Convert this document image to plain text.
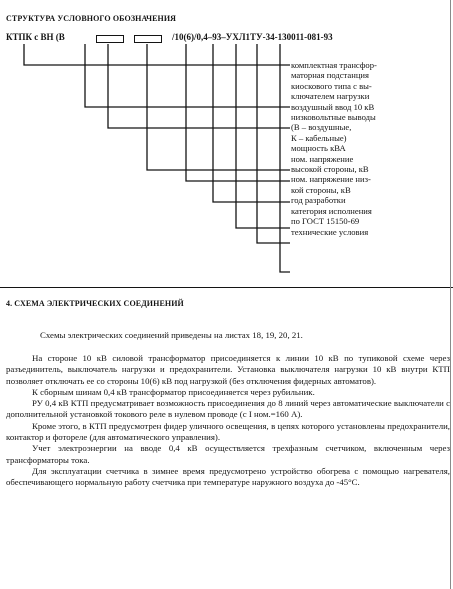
СТРУКТУРА УСЛОВНОГО ОБОЗНАЧЕНИЯ
КТПК с ВН (В	/10(6)/0,4–93–УХЛ1ТУ-34-130011-081-93
комплектная трансфор-
маторная подстанция
киоскового типа с вы-
ключателем нагрузки
воздушный ввод 10 кВ
низковольтные выводы
(В – воздушные,
К – кабельные)
мощность кВА
ном. напряжение
высокой стороны, кВ
ном. напряжение низ-
кой стороны, кВ
год разработки
категория исполнения
по ГОСТ 15150-69
технические условия
4. СХЕМА ЭЛЕКТРИЧЕСКИХ СОЕДИНЕНИЙ
Схемы электрических соединений приведены на листах 18, 19, 20, 21.

На стороне 10 кВ силовой трансформатор присоединяется к линии 10 кВ по тупиковой схеме через разъединитель, выключатель нагрузки и предохранители. Установка выключателя нагрузки 10 кВ внутри КТП позволяет отключать ее со стороны 10(6) кВ под нагрузкой (без отключения фидерных автоматов).

К сборным шинам 0,4 кВ трансформатор присоединяется через рубильник.

РУ 0,4 кВ КТП предусматривает возможность присоединения до 8 линий через автоматические выключатели с дополнительной установкой токового реле в нулевом проводе (с I ном.=160 А).

Кроме этого, в КТП предусмотрен фидер уличного освещения, в цепях которого установлены предохранители, контактор и фотореле (для автоматического управления).

Учет электроэнергии на вводе 0,4 кВ осуществляется трехфазным счетчиком, включенным через трансформаторы тока.

Для эксплуатации счетчика в зимнее время предусмотрено устройство обогрева с помощью нагревателя, обеспечивающего нормальную работу счетчика при температуре наружного воздуха до -45°С.
